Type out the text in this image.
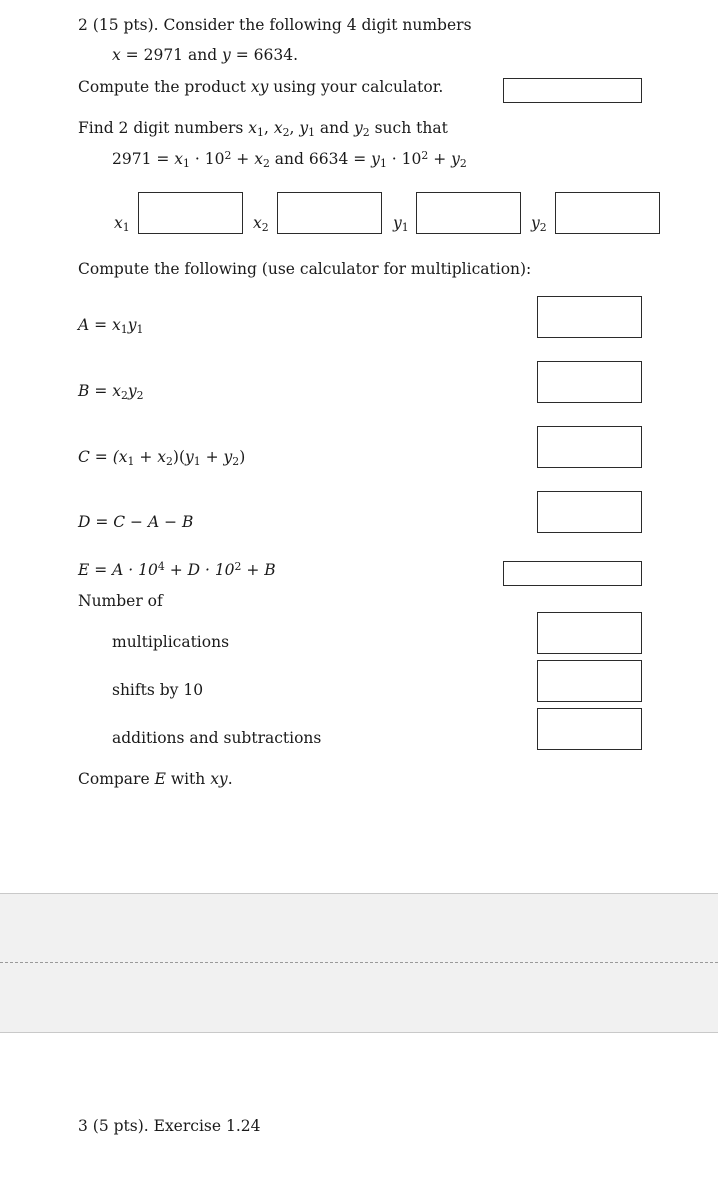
2 (15 pts). Consider the following 4 digit numbers
x = 2971 and y = 6634.
Compute the product xy using your calculator.
Find 2 digit numbers $x_1$, $x_2$, $y_1$ and $y_2$ such that
$2971 = x_1 \cdot 10^2 + x_2$ and $6634 = y_1 \cdot 10^2 + y_2$
$x_1$	$x_2$	$y_1$	$y_2$
Compute the following (use calculator for multiplication):
$A = x_1y_1$
$B = x_2y_2$
$C = (x_1 + x_2)(y_1 + y_2)$
D = C − A − B
$E = A \cdot 10^4 + D \cdot 10^2 + B$
Number of
multiplications
shifts by 10
additions and subtractions
Compare E with xy.
3 (5 pts). Exercise 1.24
